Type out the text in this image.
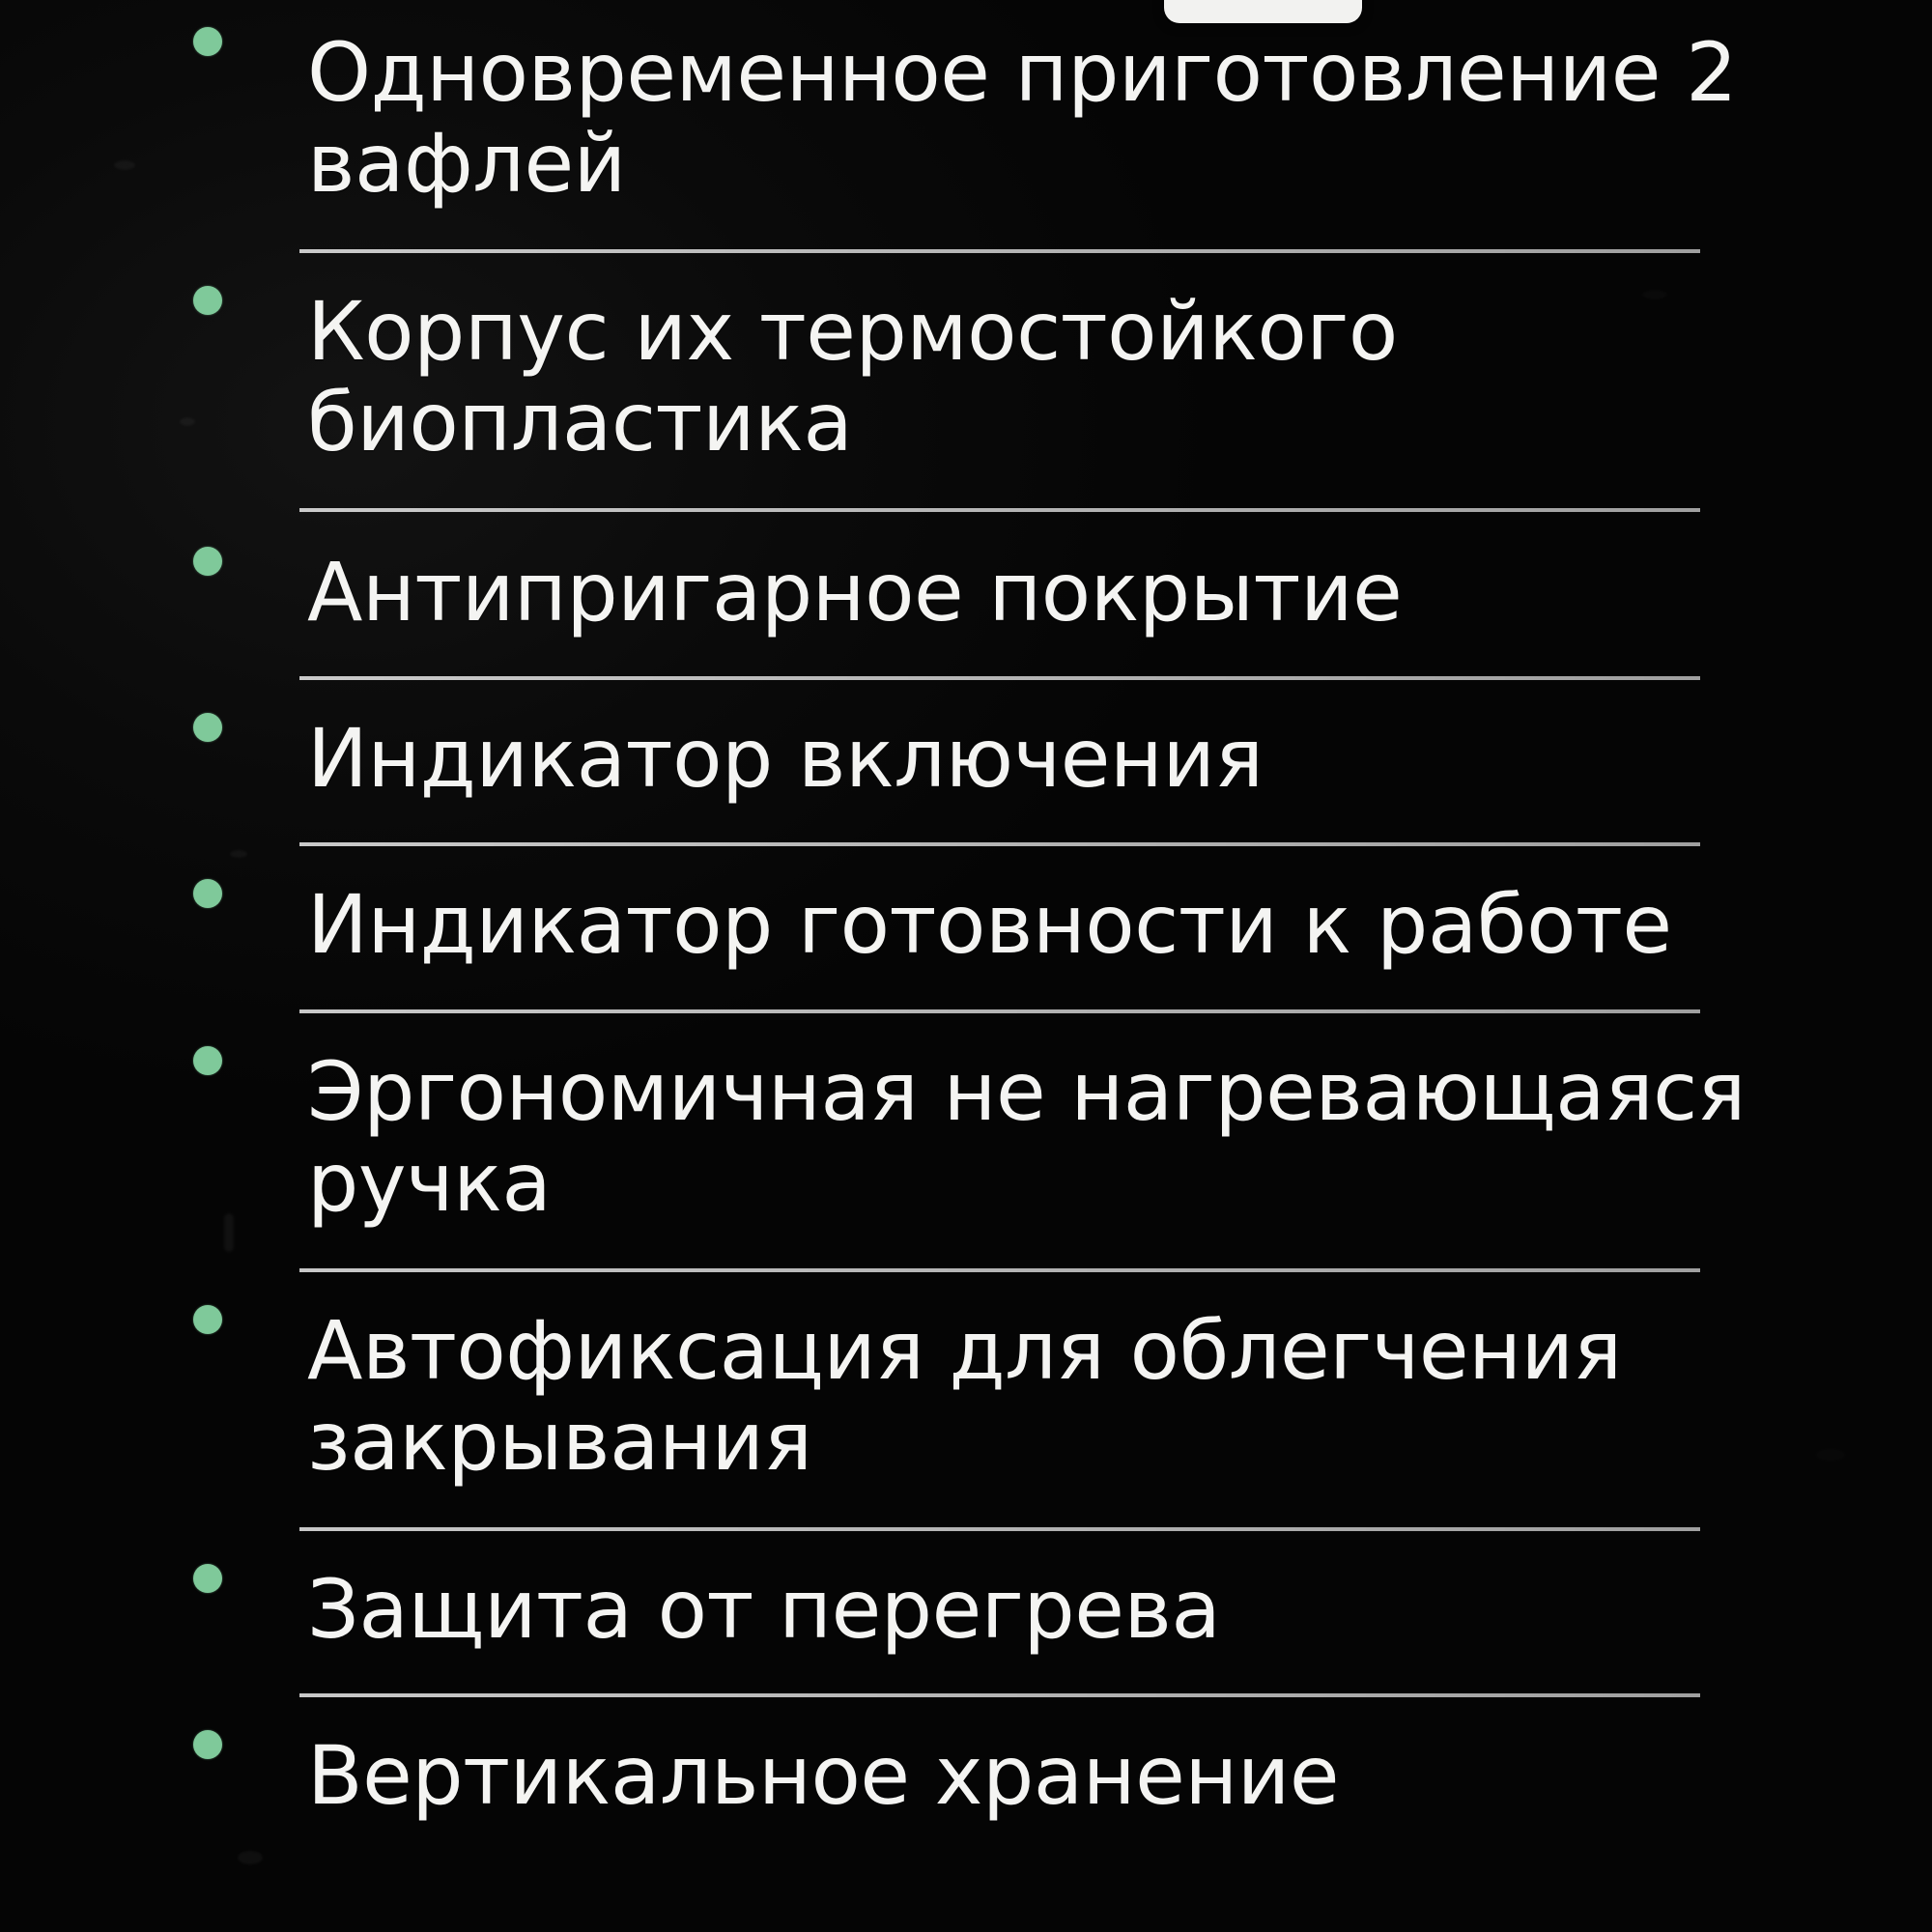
Одновременное приготовление 2 вафлей
Корпус их термостойкого биопластика
Антипригарное покрытие
Индикатор включения
Индикатор готовности к работе
Эргономичная не нагревающаяся ручка
Автофиксация для облегчения закрывания
Защита от перегрева
Вертикальное хранение
